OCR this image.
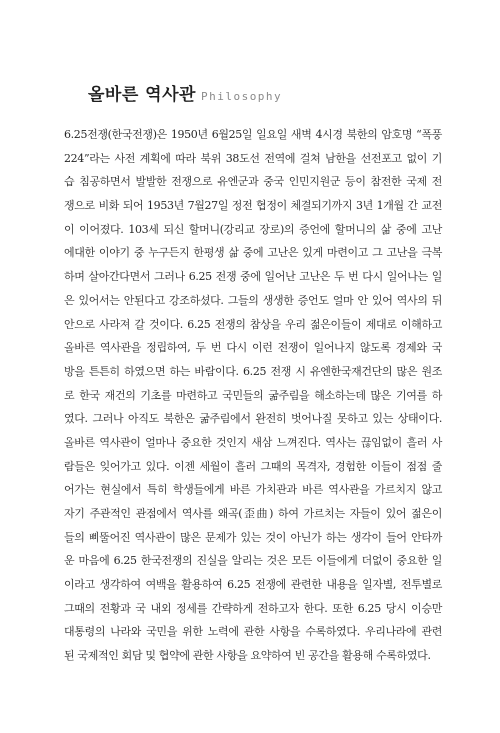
올바른 역사관 Philosophy
6.25전쟁(한국전쟁)은 1950년 6월25일 일요일 새벽 4시경 북한의 암호명 “폭풍
224”라는 사전 계획에 따라 북위 38도선 전역에 걸쳐 남한을 선전포고 없이 기
습 침공하면서 발발한 전쟁으로 유엔군과 중국 인민지원군 등이 참전한 국제 전
쟁으로 비화 되어 1953년 7월27일 정전 협정이 체결되기까지 3년 1개월 간 교전
이 이어졌다. 103세 되신 할머니(강리교 장로)의 증언에 할머니의 삶 중에 고난
에대한 이야기 중 누구든지 한평생 삶 중에 고난은 있게 마련이고 그 고난을 극복
하며 살아간다면서 그러나 6.25 전쟁 중에 일어난 고난은 두 번 다시 일어나는 일
은 있어서는 안된다고 강조하셨다. 그들의 생생한 증언도 얼마 안 있어 역사의 뒤
안으로 사라져 갈 것이다. 6.25 전쟁의 참상을 우리 젊은이들이 제대로 이해하고
올바른 역사관을 정립하여, 두 번 다시 이런 전쟁이 일어나지 않도록 경제와 국
방을 튼튼히 하였으면 하는 바람이다. 6.25 전쟁 시 유엔한국재건단의 많은 원조
로 한국 재건의 기초를 마련하고 국민들의 굶주림을 해소하는데 많은 기여를 하
였다. 그러나 아직도 북한은 굶주림에서 완전히 벗어나질 못하고 있는 상태이다.
올바른 역사관이 얼마나 중요한 것인지 새삼 느껴진다. 역사는 끊임없이 흘러 사
람들은 잊어가고 있다. 이젠 세월이 흘러 그때의 목격자, 경험한 이들이 점점 줄
어가는 현실에서 특히 학생들에게 바른 가치관과 바른 역사관을 가르치지 않고
자기 주관적인 관점에서 역사를 왜곡(歪曲) 하여 가르치는 자들이 있어 젊은이
들의 삐뚤어진 역사관이 많은 문제가 있는 것이 아닌가 하는 생각이 들어 안타까
운 마음에 6.25 한국전쟁의 진실을 알리는 것은 모든 이들에게 더없이 중요한 일
이라고 생각하여 여백을 활용하여 6.25 전쟁에 관련한 내용을 일자별, 전투별로
그때의 전황과 국 내외 정세를 간략하게 전하고자 한다. 또한 6.25 당시 이승만
대통령의 나라와 국민을 위한 노력에 관한 사항을 수록하였다. 우리나라에 관련
된 국제적인 회담 및 협약에 관한 사항을 요약하여 빈 공간을 활용해 수록하였다.
